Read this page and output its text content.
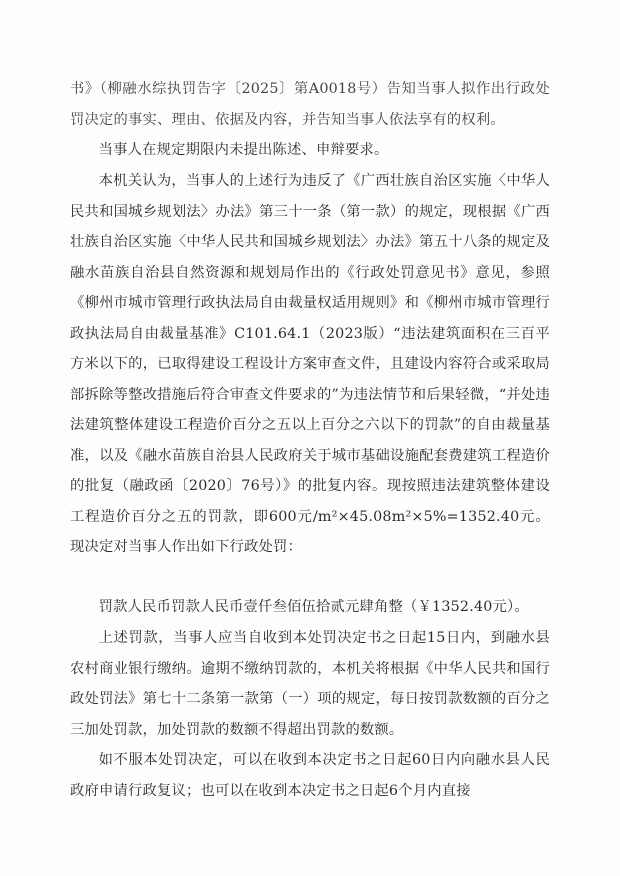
书》（柳融水综执罚告字〔2025〕第A0018号）告知当事人拟作出行政处罚决定的事实、理由、依据及内容，并告知当事人依法享有的权利。

当事人在规定期限内未提出陈述、申辩要求。

本机关认为，当事人的上述行为违反了《广西壮族自治区实施〈中华人民共和国城乡规划法〉办法》第三十一条（第一款）的规定，现根据《广西壮族自治区实施〈中华人民共和国城乡规划法〉办法》第五十八条的规定及融水苗族自治县自然资源和规划局作出的《行政处罚意见书》意见，参照《柳州市城市管理行政执法局自由裁量权适用规则》和《柳州市城市管理行政执法局自由裁量基准》C101.64.1（2023版）“违法建筑面积在三百平方米以下的，已取得建设工程设计方案审查文件，且建设内容符合或采取局部拆除等整改措施后符合审查文件要求的”为违法情节和后果轻微，“并处违法建筑整体建设工程造价百分之五以上百分之六以下的罚款”的自由裁量基准，以及《融水苗族自治县人民政府关于城市基础设施配套费建筑工程造价的批复（融政函〔2020〕76号）》的批复内容。现按照违法建筑整体建设工程造价百分之五的罚款，即600元/m²×45.08m²×5%=1352.40元。现决定对当事人作出如下行政处罚：

罚款人民币罚款人民币壹仟叁佰伍拾贰元肆角整（￥1352.40元）。

上述罚款，当事人应当自收到本处罚决定书之日起15日内，到融水县农村商业银行缴纳。逾期不缴纳罚款的，本机关将根据《中华人民共和国行政处罚法》第七十二条第一款第（一）项的规定，每日按罚款数额的百分之三加处罚款，加处罚款的数额不得超出罚款的数额。

如不服本处罚决定，可以在收到本决定书之日起60日内向融水县人民政府申请行政复议；也可以在收到本决定书之日起6个月内直接
